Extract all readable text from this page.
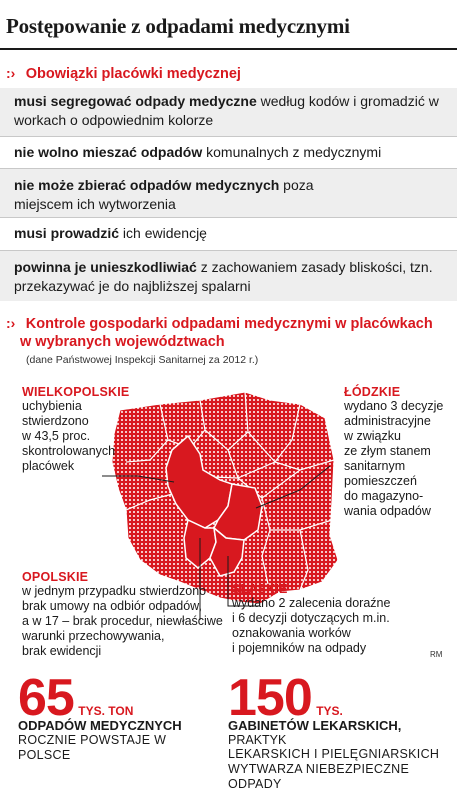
Postępowanie z odpadami medycznymi
:› Obowiązki placówki medycznej
musi segregować odpady medyczne według kodów i gromadzić w workach o odpowiednim kolorze
nie wolno mieszać odpadów komunalnych z medycznymi
nie może zbierać odpadów medycznych poza miejscem ich wytworzenia
musi prowadzić ich ewidencję
powinna je unieszkodliwiać z zachowaniem zasady bliskości, tzn. przekazywać je do najbliższej spalarni
:› Kontrole gospodarki odpadami medycznymi w placówkach
w wybranych województwach
(dane Państwowej Inspekcji Sanitarnej za 2012 r.)
WIELKOPOLSKIE
uchybienia
stwierdzono
w 43,5 proc.
skontrolowanych
placówek
ŁÓDZKIE
wydano 3 decyzje
administracyjne
w związku
ze złym stanem
sanitarnym
pomieszczeń
do magazyno-
wania odpadów
OPOLSKIE
w jednym przypadku stwierdzono
brak umowy na odbiór odpadów,
a w 17 – brak procedur, niewłaściwe
warunki przechowywania,
brak ewidencji
ŚLĄSKIE
wydano 2 zalecenia doraźne
i 6 decyzji dotyczących m.in.
oznakowania worków
i pojemników na odpady	RM
65 TYS. TON
ODPADÓW MEDYCZNYCH
ROCZNIE POWSTAJE W POLSCE
150 TYS.
GABINETÓW LEKARSKICH, PRAKTYK
LEKARSKICH I PIELĘGNIARSKICH
WYTWARZA NIEBEZPIECZNE ODPADY
